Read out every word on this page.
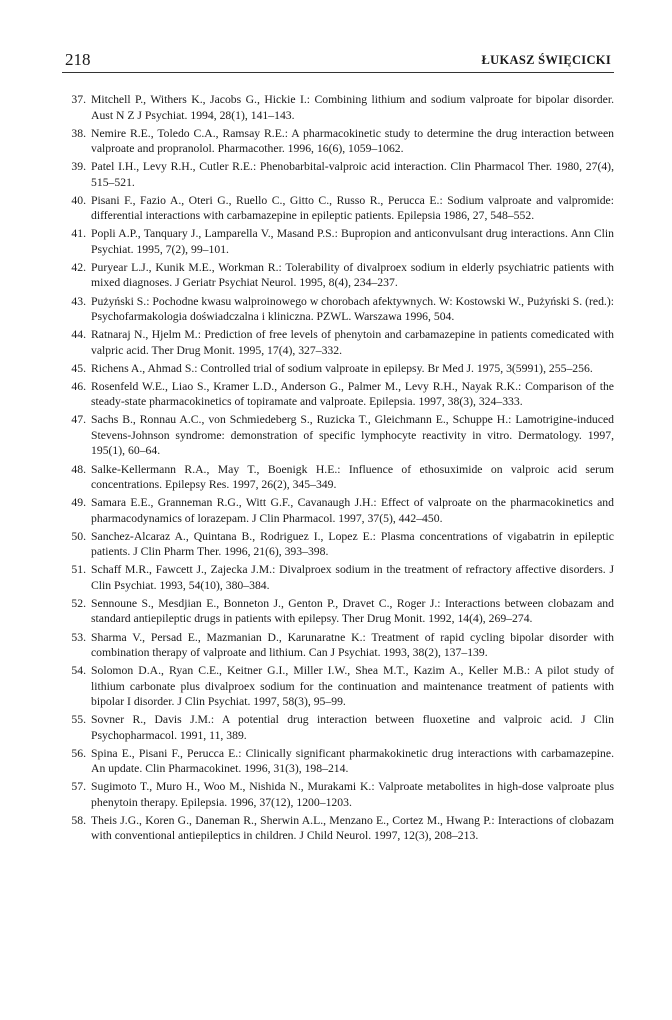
218	ŁUKASZ ŚWIĘCICKI
37. Mitchell P., Withers K., Jacobs G., Hickie I.: Combining lithium and sodium valproate for bipolar disorder. Aust N Z J Psychiat. 1994, 28(1), 141–143.
38. Nemire R.E., Toledo C.A., Ramsay R.E.: A pharmacokinetic study to determine the drug interaction between valproate and propranolol. Pharmacother. 1996, 16(6), 1059–1062.
39. Patel I.H., Levy R.H., Cutler R.E.: Phenobarbital-valproic acid interaction. Clin Pharmacol Ther. 1980, 27(4), 515–521.
40. Pisani F., Fazio A., Oteri G., Ruello C., Gitto C., Russo R., Perucca E.: Sodium valproate and valpromide: differential interactions with carbamazepine in epileptic patients. Epilepsia 1986, 27, 548–552.
41. Popli A.P., Tanquary J., Lamparella V., Masand P.S.: Bupropion and anticonvulsant drug interactions. Ann Clin Psychiat. 1995, 7(2), 99–101.
42. Puryear L.J., Kunik M.E., Workman R.: Tolerability of divalproex sodium in elderly psychiatric patients with mixed diagnoses. J Geriatr Psychiat Neurol. 1995, 8(4), 234–237.
43. Pużyński S.: Pochodne kwasu walproinowego w chorobach afektywnych. W: Kostowski W., Pużyński S. (red.): Psychofarmakologia doświadczalna i kliniczna. PZWL. Warszawa 1996, 504.
44. Ratnaraj N., Hjelm M.: Prediction of free levels of phenytoin and carbamazepine in patients comedicated with valpric acid. Ther Drug Monit. 1995, 17(4), 327–332.
45. Richens A., Ahmad S.: Controlled trial of sodium valproate in epilepsy. Br Med J. 1975, 3(5991), 255–256.
46. Rosenfeld W.E., Liao S., Kramer L.D., Anderson G., Palmer M., Levy R.H., Nayak R.K.: Comparison of the steady-state pharmacokinetics of topiramate and valproate. Epilepsia. 1997, 38(3), 324–333.
47. Sachs B., Ronnau A.C., von Schmiedeberg S., Ruzicka T., Gleichmann E., Schuppe H.: Lamotrigine-induced Stevens-Johnson syndrome: demonstration of specific lymphocyte reactivity in vitro. Dermatology. 1997, 195(1), 60–64.
48. Salke-Kellermann R.A., May T., Boenigk H.E.: Influence of ethosuximide on valproic acid serum concentrations. Epilepsy Res. 1997, 26(2), 345–349.
49. Samara E.E., Granneman R.G., Witt G.F., Cavanaugh J.H.: Effect of valproate on the pharmacokinetics and pharmacodynamics of lorazepam. J Clin Pharmacol. 1997, 37(5), 442–450.
50. Sanchez-Alcaraz A., Quintana B., Rodriguez I., Lopez E.: Plasma concentrations of vigabatrin in epileptic patients. J Clin Pharm Ther. 1996, 21(6), 393–398.
51. Schaff M.R., Fawcett J., Zajecka J.M.: Divalproex sodium in the treatment of refractory affective disorders. J Clin Psychiat. 1993, 54(10), 380–384.
52. Sennoune S., Mesdjian E., Bonneton J., Genton P., Dravet C., Roger J.: Interactions between clobazam and standard antiepileptic drugs in patients with epilepsy. Ther Drug Monit. 1992, 14(4), 269–274.
53. Sharma V., Persad E., Mazmanian D., Karunaratne K.: Treatment of rapid cycling bipolar disorder with combination therapy of valproate and lithium. Can J Psychiat. 1993, 38(2), 137–139.
54. Solomon D.A., Ryan C.E., Keitner G.I., Miller I.W., Shea M.T., Kazim A., Keller M.B.: A pilot study of lithium carbonate plus divalproex sodium for the continuation and maintenance treatment of patients with bipolar I disorder. J Clin Psychiat. 1997, 58(3), 95–99.
55. Sovner R., Davis J.M.: A potential drug interaction between fluoxetine and valproic acid. J Clin Psychopharmacol. 1991, 11, 389.
56. Spina E., Pisani F., Perucca E.: Clinically significant pharmakokinetic drug interactions with carbamazepine. An update. Clin Pharmacokinet. 1996, 31(3), 198–214.
57. Sugimoto T., Muro H., Woo M., Nishida N., Murakami K.: Valproate metabolites in high-dose valproate plus phenytoin therapy. Epilepsia. 1996, 37(12), 1200–1203.
58. Theis J.G., Koren G., Daneman R., Sherwin A.L., Menzano E., Cortez M., Hwang P.: Interactions of clobazam with conventional antiepileptics in children. J Child Neurol. 1997, 12(3), 208–213.
